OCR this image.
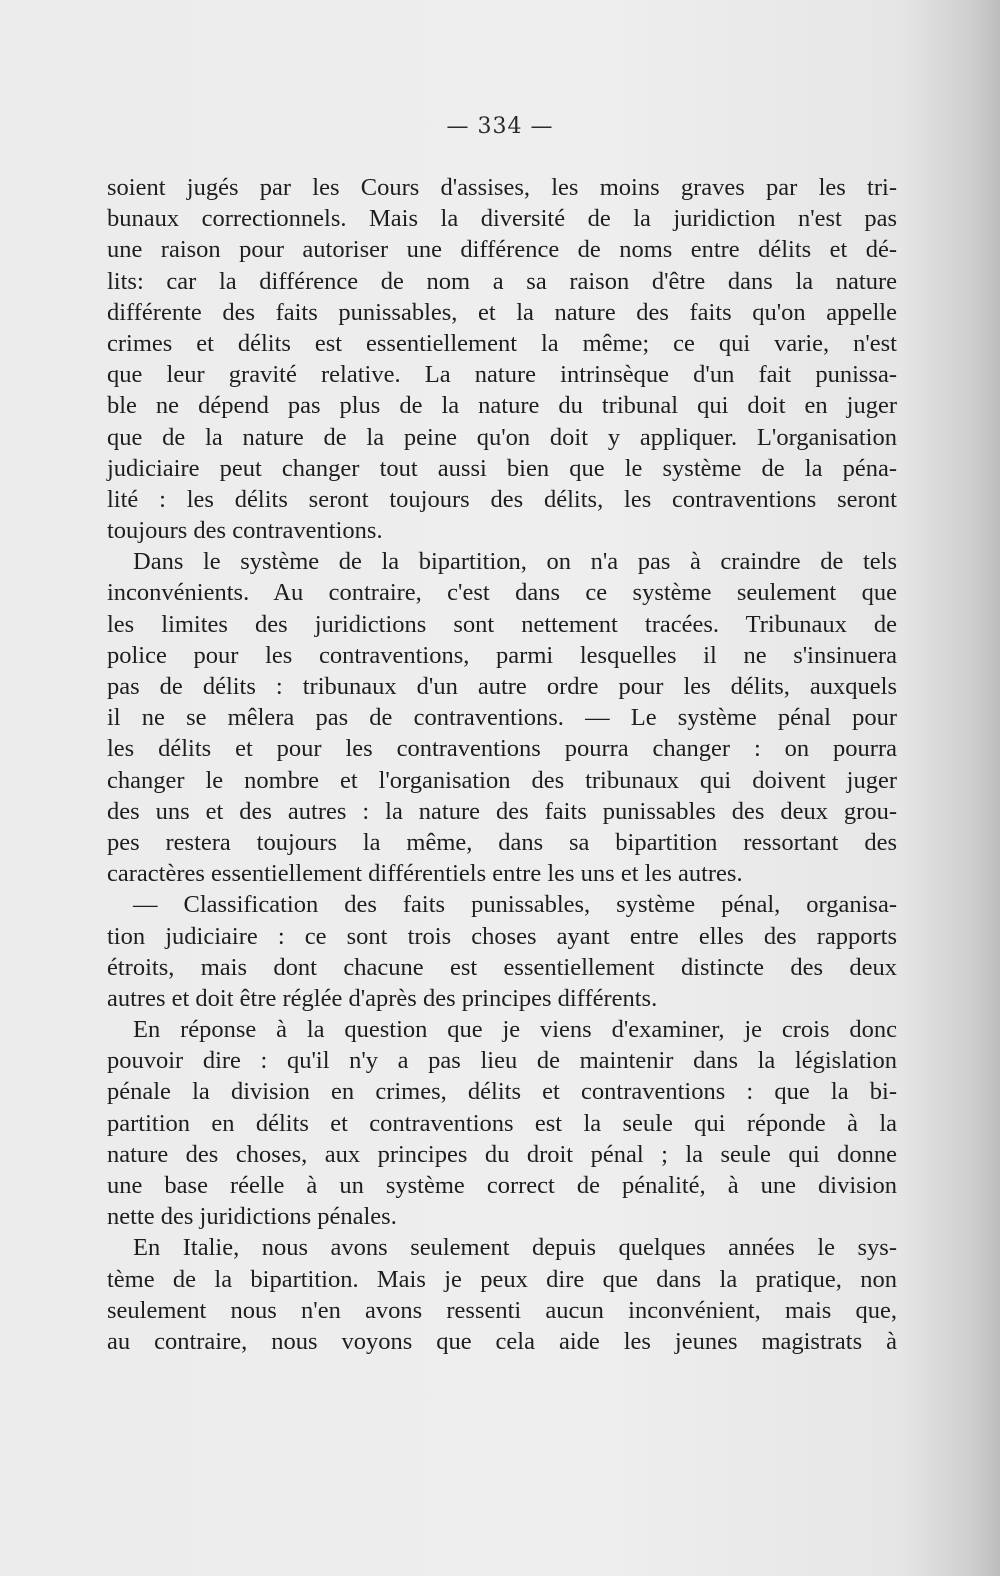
— 334 —
soient jugés par les Cours d'assises, les moins graves par les tri-
bunaux correctionnels. Mais la diversité de la juridiction n'est pas
une raison pour autoriser une différence de noms entre délits et dé-
lits: car la différence de nom a sa raison d'être dans la nature
différente des faits punissables, et la nature des faits qu'on appelle
crimes et délits est essentiellement la même; ce qui varie, n'est
que leur gravité relative. La nature intrinsèque d'un fait punissa-
ble ne dépend pas plus de la nature du tribunal qui doit en juger
que de la nature de la peine qu'on doit y appliquer. L'organisation
judiciaire peut changer tout aussi bien que le système de la péna-
lité : les délits seront toujours des délits, les contraventions seront
toujours des contraventions.
Dans le système de la bipartition, on n'a pas à craindre de tels
inconvénients. Au contraire, c'est dans ce système seulement que
les limites des juridictions sont nettement tracées. Tribunaux de
police pour les contraventions, parmi lesquelles il ne s'insinuera
pas de délits : tribunaux d'un autre ordre pour les délits, auxquels
il ne se mêlera pas de contraventions. — Le système pénal pour
les délits et pour les contraventions pourra changer : on pourra
changer le nombre et l'organisation des tribunaux qui doivent juger
des uns et des autres : la nature des faits punissables des deux grou-
pes restera toujours la même, dans sa bipartition ressortant des
caractères essentiellement différentiels entre les uns et les autres.
— Classification des faits punissables, système pénal, organisa-
tion judiciaire : ce sont trois choses ayant entre elles des rapports
étroits, mais dont chacune est essentiellement distincte des deux
autres et doit être réglée d'après des principes différents.
En réponse à la question que je viens d'examiner, je crois donc
pouvoir dire : qu'il n'y a pas lieu de maintenir dans la législation
pénale la division en crimes, délits et contraventions : que la bi-
partition en délits et contraventions est la seule qui réponde à la
nature des choses, aux principes du droit pénal ; la seule qui donne
une base réelle à un système correct de pénalité, à une division
nette des juridictions pénales.
En Italie, nous avons seulement depuis quelques années le sys-
tème de la bipartition. Mais je peux dire que dans la pratique, non
seulement nous n'en avons ressenti aucun inconvénient, mais que,
au contraire, nous voyons que cela aide les jeunes magistrats à
